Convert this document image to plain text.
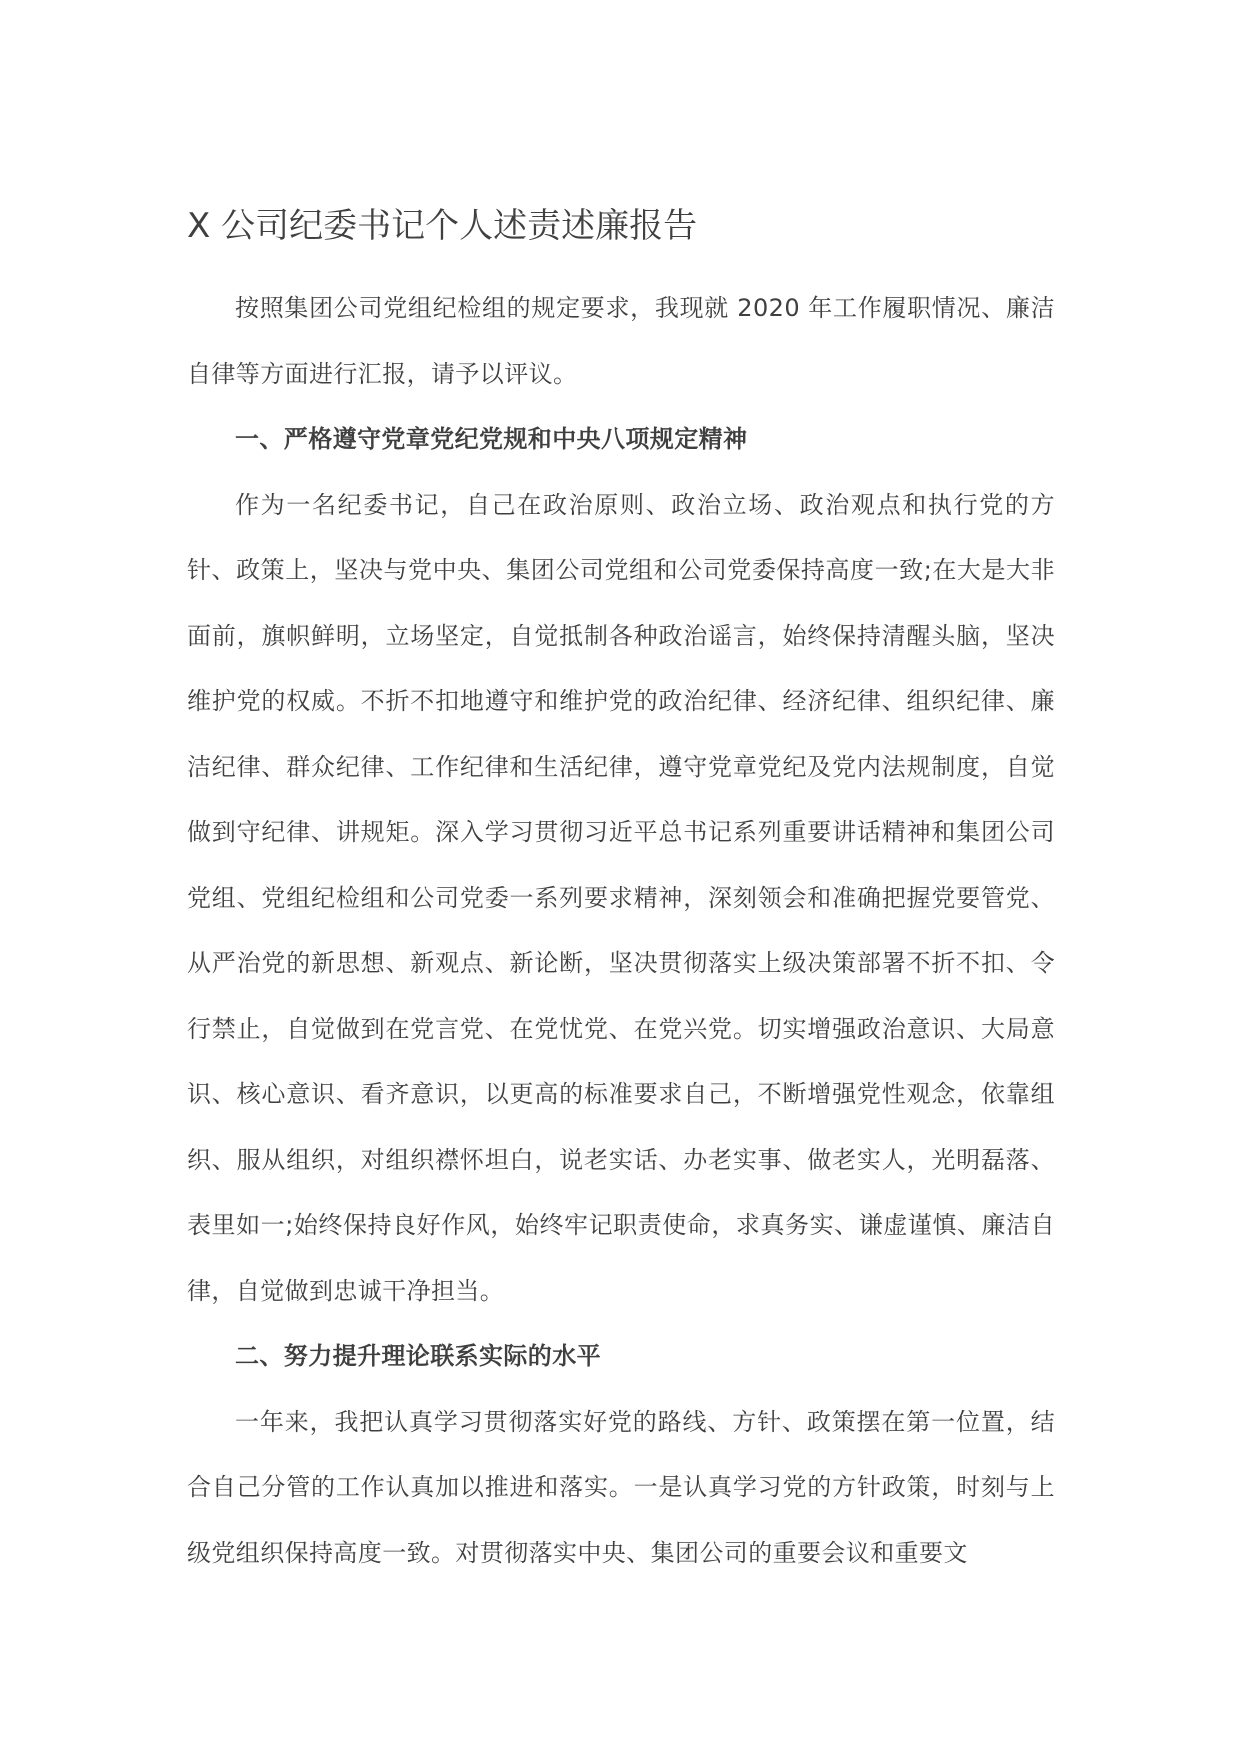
X 公司纪委书记个人述责述廉报告

按照集团公司党组纪检组的规定要求，我现就 2020 年工作履职情况、廉洁自律等方面进行汇报，请予以评议。

一、严格遵守党章党纪党规和中央八项规定精神

作为一名纪委书记，自己在政治原则、政治立场、政治观点和执行党的方针、政策上，坚决与党中央、集团公司党组和公司党委保持高度一致;在大是大非面前，旗帜鲜明，立场坚定，自觉抵制各种政治谣言，始终保持清醒头脑，坚决维护党的权威。不折不扣地遵守和维护党的政治纪律、经济纪律、组织纪律、廉洁纪律、群众纪律、工作纪律和生活纪律，遵守党章党纪及党内法规制度，自觉做到守纪律、讲规矩。深入学习贯彻习近平总书记系列重要讲话精神和集团公司党组、党组纪检组和公司党委一系列要求精神，深刻领会和准确把握党要管党、从严治党的新思想、新观点、新论断，坚决贯彻落实上级决策部署不折不扣、令行禁止，自觉做到在党言党、在党忧党、在党兴党。切实增强政治意识、大局意识、核心意识、看齐意识，以更高的标准要求自己，不断增强党性观念，依靠组织、服从组织，对组织襟怀坦白，说老实话、办老实事、做老实人，光明磊落、表里如一;始终保持良好作风，始终牢记职责使命，求真务实、谦虚谨慎、廉洁自律，自觉做到忠诚干净担当。

二、努力提升理论联系实际的水平

一年来，我把认真学习贯彻落实好党的路线、方针、政策摆在第一位置，结合自己分管的工作认真加以推进和落实。一是认真学习党的方针政策，时刻与上级党组织保持高度一致。对贯彻落实中央、集团公司的重要会议和重要文
